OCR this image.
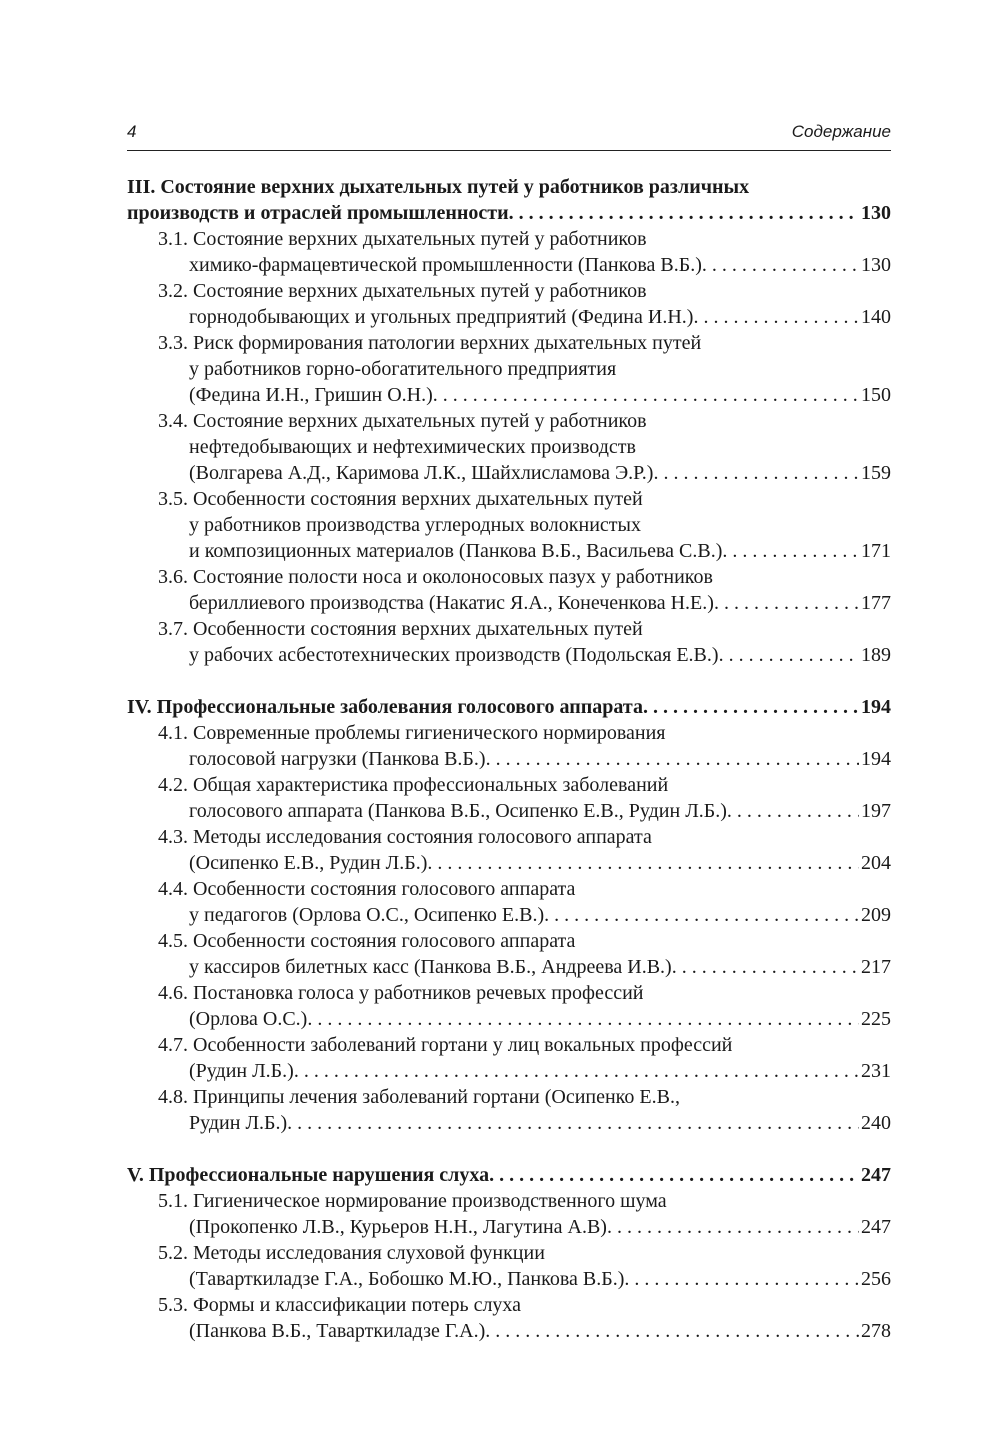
4	Содержание
III. Состояние верхних дыхательных путей у работников различных
производств и отраслей промышленности . . .	130
3.1. Состояние верхних дыхательных путей у работников
химико-фармацевтической промышленности (Панкова В.Б.) . . .	130
3.2. Состояние верхних дыхательных путей у работников
горнодобывающих и угольных предприятий (Федина И.Н.) . . .	140
3.3. Риск формирования патологии верхних дыхательных путей
у работников горно-обогатительного предприятия
(Федина И.Н., Гришин О.Н.) . . .	150
3.4. Состояние верхних дыхательных путей у работников
нефтедобывающих и нефтехимических производств
(Волгарева А.Д., Каримова Л.К., Шайхлисламова Э.Р.) . . .	159
3.5. Особенности состояния верхних дыхательных путей
у работников производства углеродных волокнистых
и композиционных материалов (Панкова В.Б., Васильева С.В.) . . .	171
3.6. Состояние полости носа и околоносовых пазух у работников
бериллиевого производства (Накатис Я.А., Конеченкова Н.Е.) . . .	177
3.7. Особенности состояния верхних дыхательных путей
у рабочих асбестотехнических производств (Подольская Е.В.) . . .	189
IV. Профессиональные заболевания голосового аппарата . . .	194
4.1. Современные проблемы гигиенического нормирования
голосовой нагрузки (Панкова В.Б.) . . .	194
4.2. Общая характеристика профессиональных заболеваний
голосового аппарата (Панкова В.Б., Осипенко Е.В., Рудин Л.Б.) . . .	197
4.3. Методы исследования состояния голосового аппарата
(Осипенко Е.В., Рудин Л.Б.) . . .	204
4.4. Особенности состояния голосового аппарата
у педагогов (Орлова О.С., Осипенко Е.В.) . . .	209
4.5. Особенности состояния голосового аппарата
у кассиров билетных касс (Панкова В.Б., Андреева И.В.) . . .	217
4.6. Постановка голоса у работников речевых профессий
(Орлова О.С.) . . .	225
4.7. Особенности заболеваний гортани у лиц вокальных профессий
(Рудин Л.Б.) . . .	231
4.8. Принципы лечения заболеваний гортани (Осипенко Е.В.,
Рудин Л.Б.) . . .	240
V. Профессиональные нарушения слуха . . .	247
5.1. Гигиеническое нормирование производственного шума
(Прокопенко Л.В., Курьеров Н.Н., Лагутина А.В) . . .	247
5.2. Методы исследования слуховой функции
(Таварткиладзе Г.А., Бобошко М.Ю., Панкова В.Б.) . . .	256
5.3. Формы и классификации потерь слуха
(Панкова В.Б., Таварткиладзе Г.А.) . . .	278
